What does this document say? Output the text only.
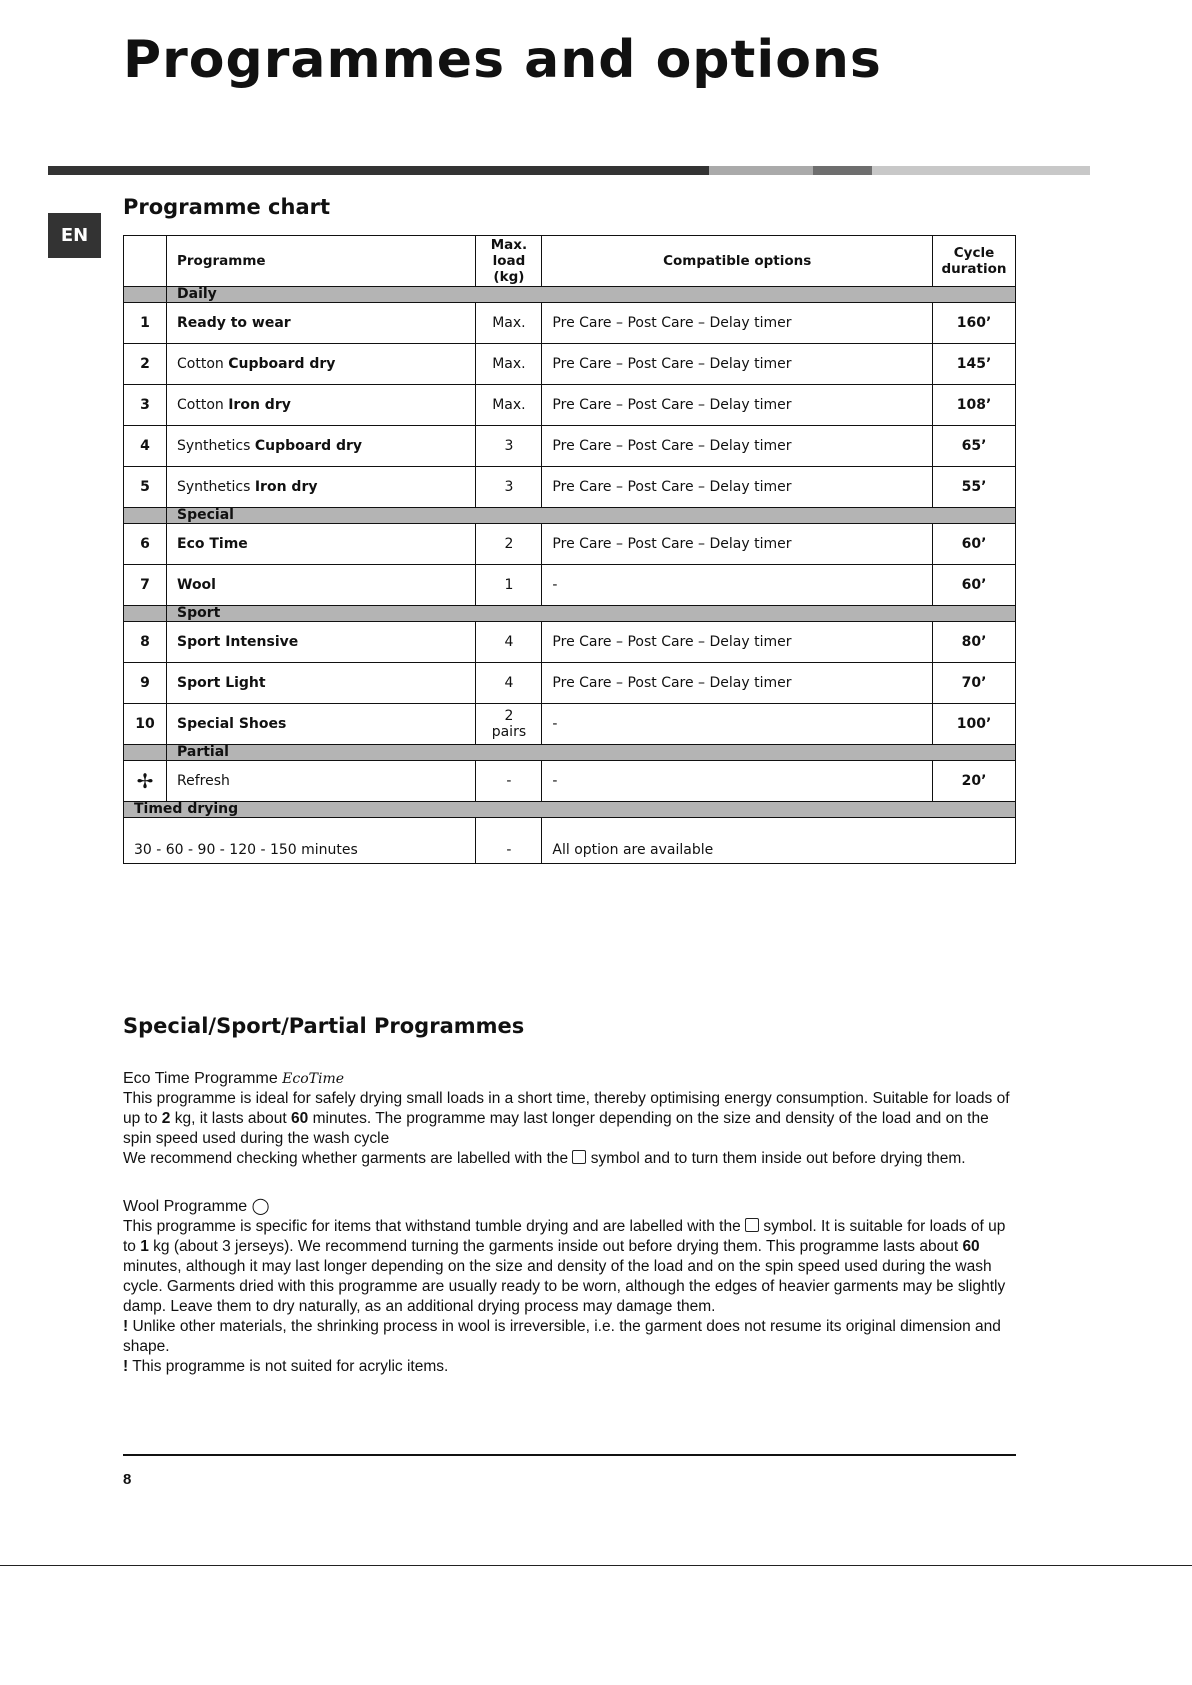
Programmes and options
EN
Programme chart
	Programme	Max. load (kg)	Compatible options	Cycle duration
	Daily			
1	Ready to wear	Max.	Pre Care – Post Care – Delay timer	160’
2	Cotton Cupboard dry	Max.	Pre Care – Post Care – Delay timer	145’
3	Cotton Iron dry	Max.	Pre Care – Post Care – Delay timer	108’
4	Synthetics Cupboard dry	3	Pre Care – Post Care – Delay timer	65’
5	Synthetics Iron dry	3	Pre Care – Post Care – Delay timer	55’
	Special			
6	Eco Time	2	Pre Care – Post Care – Delay timer	60’
7	Wool	1	-	60’
	Sport			
8	Sport Intensive	4	Pre Care – Post Care – Delay timer	80’
9	Sport Light	4	Pre Care – Post Care – Delay timer	70’
10	Special Shoes	2 pairs	-	100’
	Partial			
✢	Refresh	-	-	20’
Timed drying				
30 - 60 - 90 - 120 - 150 minutes		-	All option are available	
Special/Sport/Partial Programmes
Eco Time Programme EcoTime
This programme is ideal for safely drying small loads in a short time, thereby optimising energy consumption. Suitable for loads of up to 2 kg, it lasts about 60 minutes. The programme may last longer depending on the size and density of the load and on the spin speed used during the wash cycle
We recommend checking whether garments are labelled with the  symbol and to turn them inside out before drying them.
Wool Programme ◯
This programme is specific for items that withstand tumble drying and are labelled with the  symbol. It is suitable for loads of up to 1 kg (about 3 jerseys). We recommend turning the garments inside out before drying them. This programme lasts about 60 minutes, although it may last longer depending on the size and density of the load and on the spin speed used during the wash cycle. Garments dried with this programme are usually ready to be worn, although the edges of heavier garments may be slightly damp. Leave them to dry naturally, as an additional drying process may damage them.
! Unlike other materials, the shrinking process in wool is irreversible, i.e. the garment does not resume its original dimension and shape.
! This programme is not suited for acrylic items.
8
